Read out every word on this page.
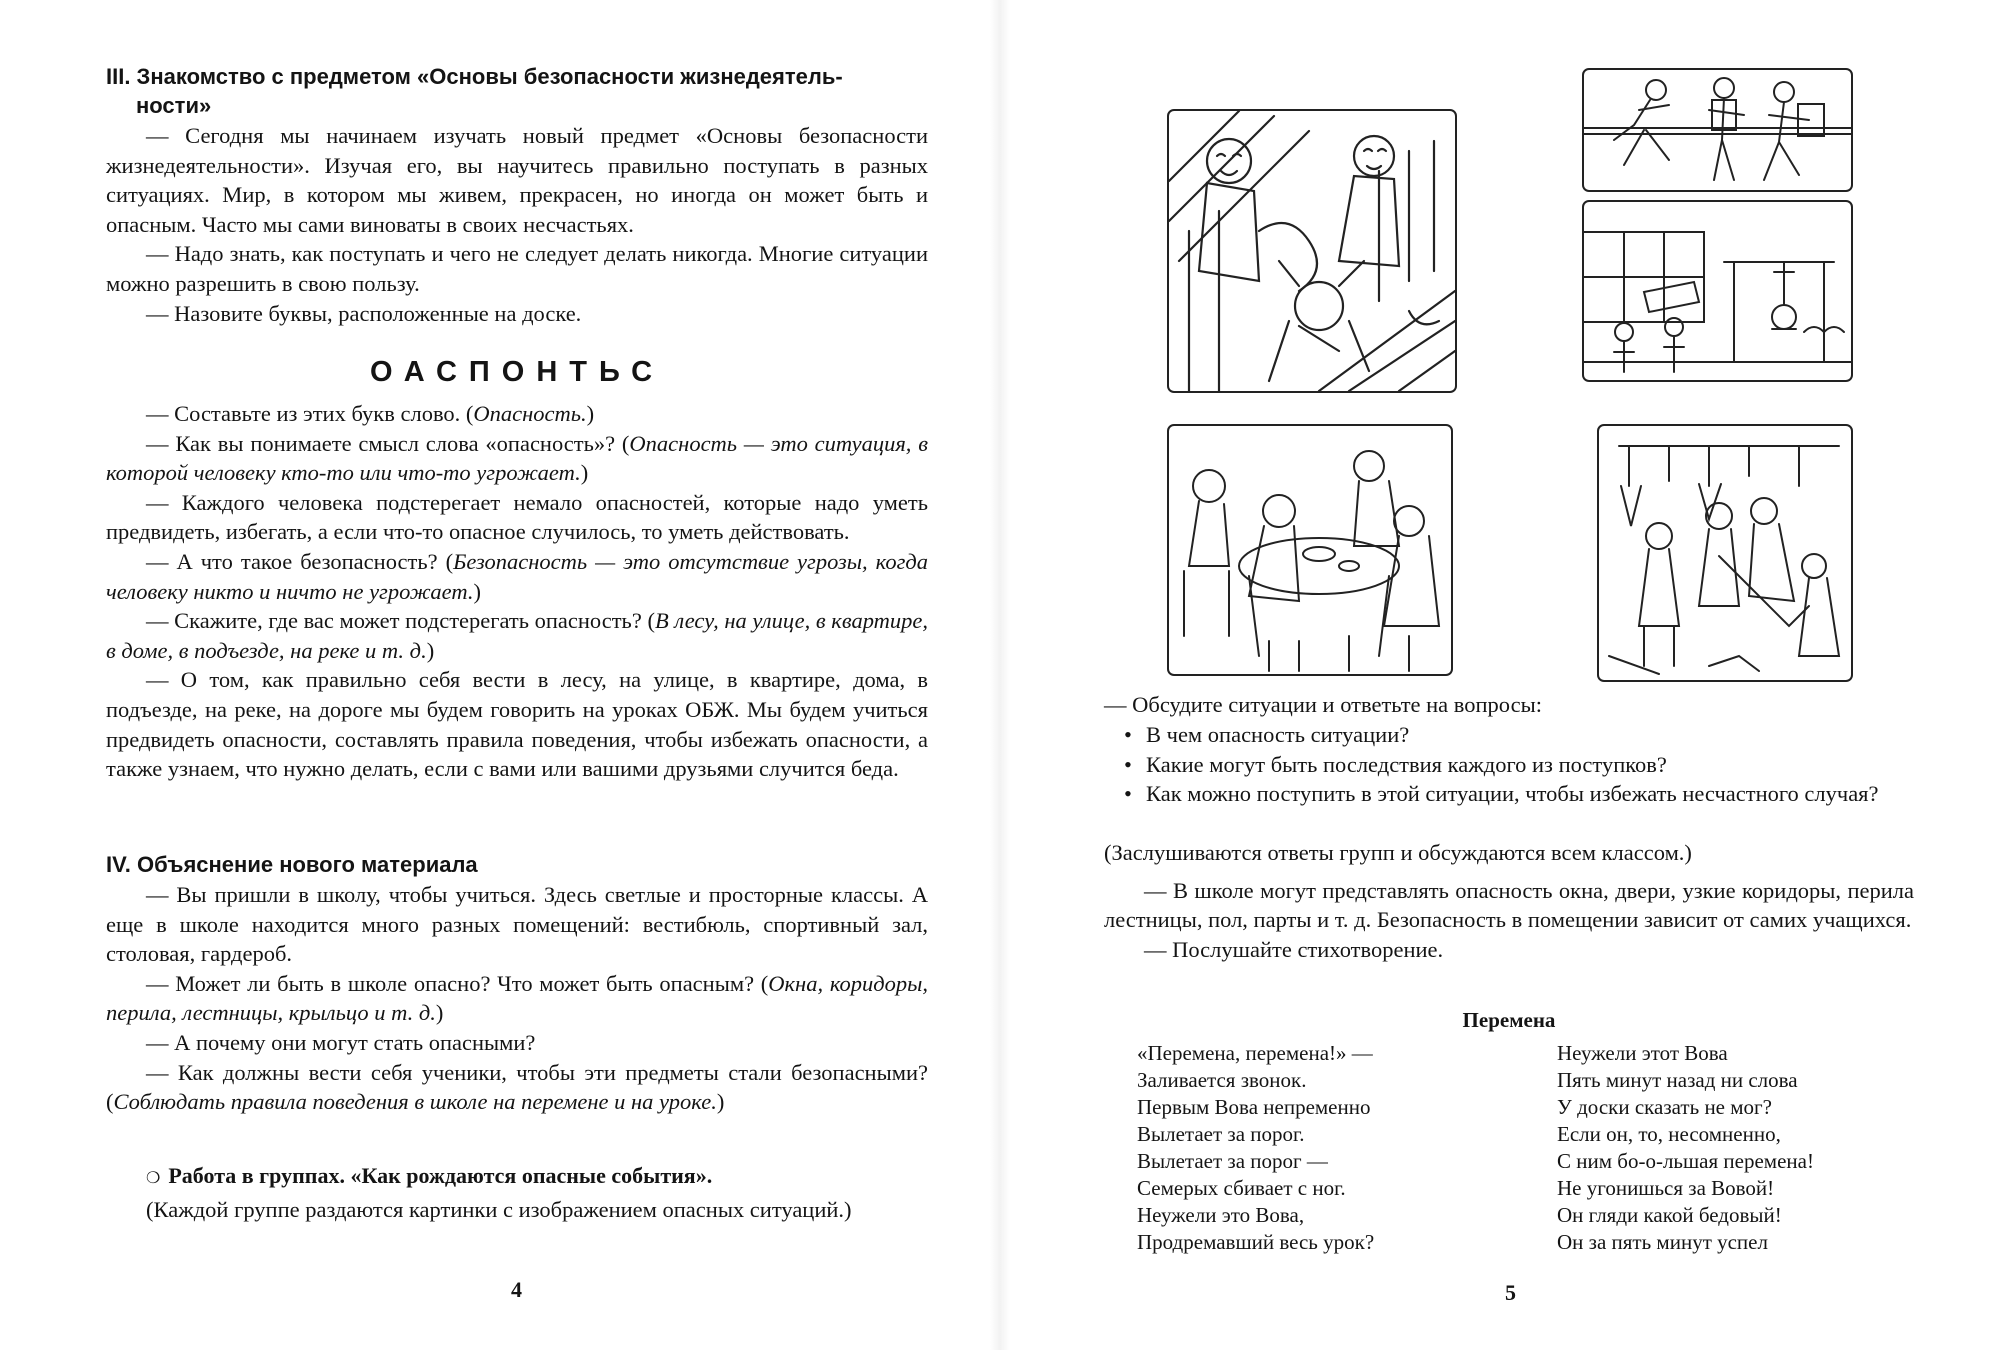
III. Знакомство с предметом «Основы безопасности жизнедеятель-
ности»

— Сегодня мы начинаем изучать новый предмет «Основы безопасности жизнедеятельности». Изучая его, вы научитесь правильно поступать в разных ситуациях. Мир, в котором мы живем, прекрасен, но иногда он может быть и опасным. Часто мы сами виноваты в своих несчастьях.

— Надо знать, как поступать и чего не следует делать никогда. Многие ситуации можно разрешить в свою пользу.

— Назовите буквы, расположенные на доске.

ОАСПОНТЬС

— Составьте из этих букв слово. (Опасность.)

— Как вы понимаете смысл слова «опасность»? (Опасность — это ситуация, в которой человеку кто-то или что-то угрожает.)

— Каждого человека подстерегает немало опасностей, которые надо уметь предвидеть, избегать, а если что-то опасное случилось, то уметь действовать.

— А что такое безопасность? (Безопасность — это отсутствие угрозы, когда человеку никто и ничто не угрожает.)

— Скажите, где вас может подстерегать опасность? (В лесу, на улице, в квартире, в доме, в подъезде, на реке и т. д.)

— О том, как правильно себя вести в лесу, на улице, в квартире, дома, в подъезде, на реке, на дороге мы будем говорить на уроках ОБЖ. Мы будем учиться предвидеть опасности, составлять правила поведения, чтобы избежать опасности, а также узнаем, что нужно делать, если с вами или вашими друзьями случится беда.

IV. Объяснение нового материала

— Вы пришли в школу, чтобы учиться. Здесь светлые и просторные классы. А еще в школе находится много разных помещений: вестибюль, спортивный зал, столовая, гардероб.

— Может ли быть в школе опасно? Что может быть опасным? (Окна, коридоры, перила, лестницы, крыльцо и т. д.)

— А почему они могут стать опасными?

— Как должны вести себя ученики, чтобы эти предметы стали безопасными? (Соблюдать правила поведения в школе на перемене и на уроке.)

❍ Работа в группах. «Как рождаются опасные события».

(Каждой группе раздаются картинки с изображением опасных ситуаций.)

4

— Обсудите ситуации и ответьте на вопросы:

• В чем опасность ситуации?
• Какие могут быть последствия каждого из поступков?
• Как можно поступить в этой ситуации, чтобы избежать несчастного случая?

(Заслушиваются ответы групп и обсуждаются всем классом.)

— В школе могут представлять опасность окна, двери, узкие коридоры, перила лестницы, пол, парты и т. д. Безопасность в помещении зависит от самих учащихся.

— Послушайте стихотворение.

Перемена
«Перемена, перемена!» —
Заливается звонок.
Первым Вова непременно
Вылетает за порог.
Вылетает за порог —
Семерых сбивает с ног.
Неужели это Вова,
Продремавший весь урок?
Неужели этот Вова
Пять минут назад ни слова
У доски сказать не мог?
Если он, то, несомненно,
С ним бо-о-льшая перемена!
Не угонишься за Вовой!
Он гляди какой бедовый!
Он за пять минут успел
5
